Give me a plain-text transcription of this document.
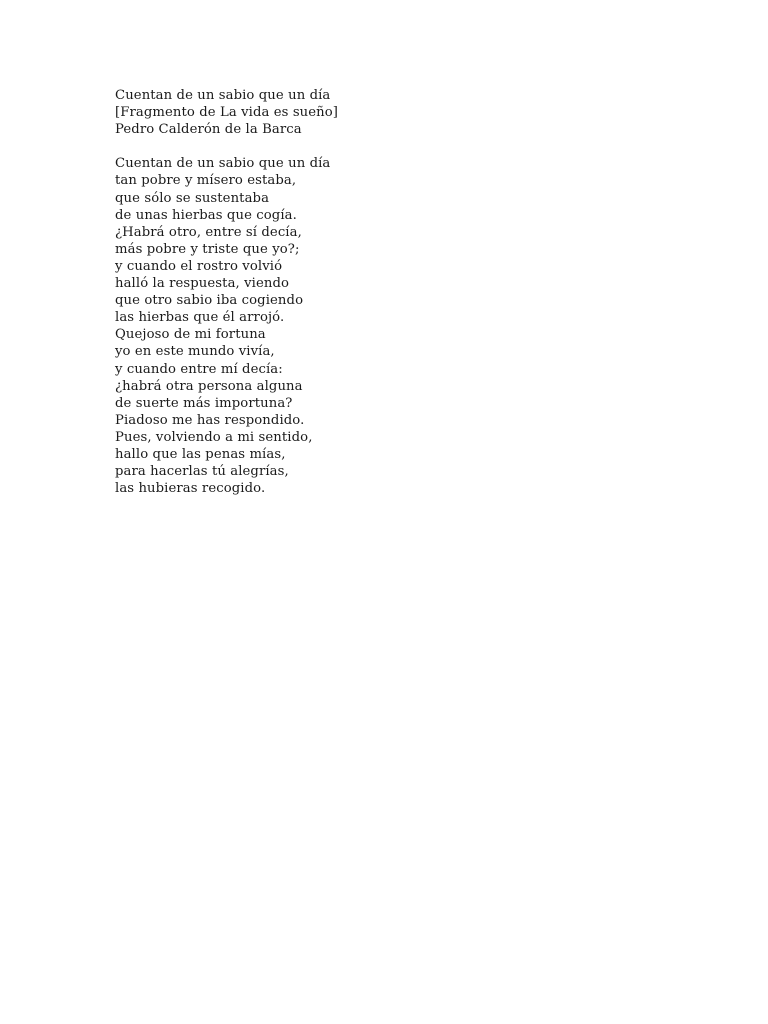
Cuentan de un sabio que un día
[Fragmento de La vida es sueño]
Pedro Calderón de la Barca
Cuentan de un sabio que un día
tan pobre y mísero estaba,
que sólo se sustentaba
de unas hierbas que cogía.
¿Habrá otro, entre sí decía,
más pobre y triste que yo?;
y cuando el rostro volvió
halló la respuesta, viendo
que otro sabio iba cogiendo
las hierbas que él arrojó.
Quejoso de mi fortuna
yo en este mundo vivía,
y cuando entre mí decía:
¿habrá otra persona alguna
de suerte más importuna?
Piadoso me has respondido.
Pues, volviendo a mi sentido,
hallo que las penas mías,
para hacerlas tú alegrías,
las hubieras recogido.
